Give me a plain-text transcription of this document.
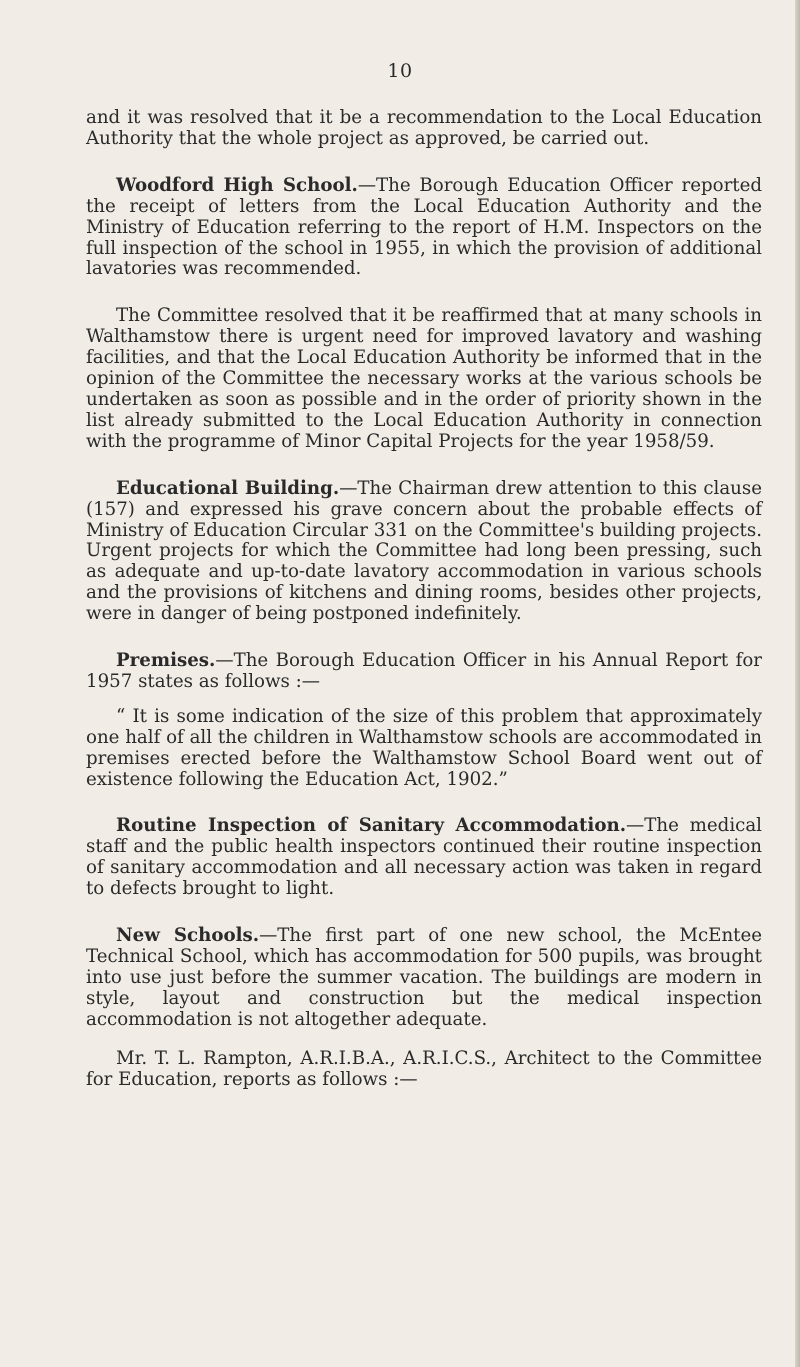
10

and it was resolved that it be a recommendation to the Local Education Authority that the whole project as approved, be carried out.

Woodford High School.—The Borough Education Officer reported the receipt of letters from the Local Education Authority and the Ministry of Education referring to the report of H.M. Inspectors on the full inspection of the school in 1955, in which the provision of additional lavatories was recommended.

The Committee resolved that it be reaffirmed that at many schools in Walthamstow there is urgent need for improved lavatory and washing facilities, and that the Local Education Authority be informed that in the opinion of the Committee the necessary works at the various schools be undertaken as soon as possible and in the order of priority shown in the list already submitted to the Local Education Authority in connection with the programme of Minor Capital Projects for the year 1958/59.

Educational Building.—The Chairman drew attention to this clause (157) and expressed his grave concern about the probable effects of Ministry of Education Circular 331 on the Committee's building projects. Urgent projects for which the Committee had long been pressing, such as adequate and up-to-date lavatory accommodation in various schools and the provisions of kitchens and dining rooms, besides other projects, were in danger of being postponed indefinitely.

Premises.—The Borough Education Officer in his Annual Report for 1957 states as follows :—

“ It is some indication of the size of this problem that approximately one half of all the children in Walthamstow schools are accommodated in premises erected before the Walthamstow School Board went out of existence following the Education Act, 1902.”

Routine Inspection of Sanitary Accommodation.—The medical staff and the public health inspectors continued their routine inspection of sanitary accommodation and all necessary action was taken in regard to defects brought to light.

New Schools.—The first part of one new school, the McEntee Technical School, which has accommodation for 500 pupils, was brought into use just before the summer vacation. The buildings are modern in style, layout and construction but the medical inspection accommodation is not altogether adequate.

Mr. T. L. Rampton, A.R.I.B.A., A.R.I.C.S., Architect to the Committee for Education, reports as follows :—
